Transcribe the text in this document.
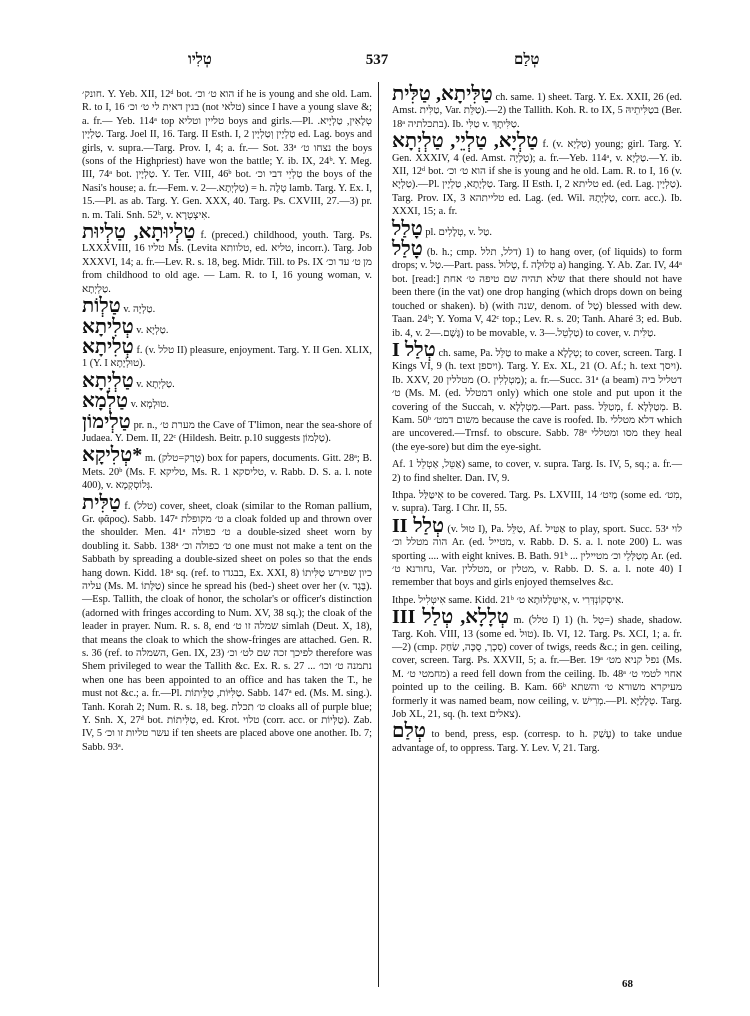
טְלִיו	537	טְלַם

חונק׳. Y. Yeb. XII, 12ᵈ bot. הוא ט׳ וכ׳ if he is young and she old. Lam. R. to I, 16 בגין דאית לי ט׳ וכ׳ (not טלאי) since I have a young slave &; a. fr.— Yeb. 114ᵃ top טליין וטליא boys and girls.—Pl. טְלָאִין, טַלְיָיא. טַלְיָין. Targ. Joel II, 16. Targ. II Esth. I, 2 טַלְיָין וְטַלְיָין ed. Lag. boys and girls, v. supra.—Targ. Prov. I, 4; a. fr.— Sot. 33ᵃ נצחו ט׳ the boys (sons of the Highpriest) have won the battle; Y. ib. IX, 24ᵇ. Y. Meg. III, 74ᵃ bot. טַלְיָין. Y. Ter. VIII, 46ᵇ bot. טַלְיֵי דבי וכ׳ the boys of the Nasi's house; a. fr.—Fem. v. טַלְיְתָא.—2) = h. טָלֶה lamb. Targ. Y. Ex. I, 15.—Pl. as ab. Targ. Y. Gen. XXX, 40. Targ. Ps. CXVIII, 27.—3) pr. n. m. Tali. Snh. 52ᵇ, v. אִיצְטְרָא.

טַלְיוּתָא, טַלְיוּת f. (preced.) childhood, youth. Targ. Ps. LXXXVIII, 16 טליו Ms. (Levita טלוותא, ed. טליא, incorr.). Targ. Job XXXVI, 14; a. fr.—Lev. R. s. 18, beg. Midr. Till. to Ps. IX מן ט׳ עד וכ׳ from childhood to old age. — Lam. R. to I, 16 young woman, v. טַלְיְתָא.

טַלְוֹת v. טַלְיָה.

טְלִיתָא v. טַלְיָא.

טְלִיתָא f. (v. טלל II) pleasure, enjoyment. Targ. Y. II Gen. XLIX, 1 (Y. I טוּלְיָתָא).

טַלְיְתָא v. טַלְיְתָא.

טַלְמָא v. טוּלְמָא.

טַלְימוֹן pr. n., מערת ט׳ the Cave of T'limon, near the sea-shore of Judaea. Y. Dem. II, 22ᶜ (Hildesh. Beitr. p.10 suggests טַלְמוֹן).

*טְלִיקָא m. (טְרַק=טלק) box for papers, documents. Gitt. 28ᵃ; B. Mets. 20ᵇ (Ms. F. טליקא, Ms. R. 1 טליסקא, v. Rabb. D. S. a. l. note 400), v. גְּלוֹסְקְמָא.

טַלִּית f. (טלל) cover, sheet, cloak (similar to the Roman pallium, Gr. φᾶρος). Sabb. 147ᵃ ט׳ מקופלת a cloak folded up and thrown over the shoulder. Men. 41ᵃ ט׳ כפולה a double-sized sheet worn by doubling it. Sabb. 138ᵃ ט׳ כפולה וכ׳ one must not make a tent on the Sabbath by spreading a double-sized sheet on poles so that the ends hang down. Kidd. 18ᵃ sq. (ref. to בבגדו, Ex. XXI, 8) כיון שפירש טַלִּיתוֹ עליה (Ms. M. טַלְּתוֹ) since he spread his (bed-) sheet over her (v. בֶּגֶד).—Esp. Tallith, the cloak of honor, the scholar's or officer's distinction (adorned with fringes according to Num. XV, 38 sq.); the cloak of the leader in prayer. Num. R. s. 8, end שמלה זו ט׳ simlah (Deut. X, 18), that means the cloak to which the show-fringes are attached. Gen. R. s. 36 (ref. to השמלה, Gen. IX, 23) לפיכך זכה שם לט׳ וכ׳ therefore was Shem privileged to wear the Tallith &c. Ex. R. s. 27 ... נתמנה ט׳ וכו׳ when one has been appointed to an office and has taken the T., he must not &c.; a. fr.—Pl. טַלִּיּוֹת, טַלֵּיתוֹת. Sabb. 147ᵃ ed. (Ms. M. sing.). Tanh. Korah 2; Num. R. s. 18, beg. ט׳ תכלת cloaks all of purple blue; Y. Snh. X, 27ᵈ bot. טַלִּיתוֹת, ed. Krot. טלוי (corr. acc. or טַלְּיוֹת). Zab. IV, 5 עשר טליות זו וכ׳ if ten sheets are placed above one another. Ib. 7; Sabb. 93ᵃ.

טַלִּיתָא, טַלִּית ch. same. 1) sheet. Targ. Y. Ex. XXII, 26 (ed. Amst. טַלִּית, Var. טַלֵּת).—2) the Tallith. Koh. R. to IX, 5 בטַלִּיתֵיהּ (Ber. 18ᵃ בתכלתיה). Ib. טַלִּי v. טַלִּיתָךְ.

טַלְיָא, טַלְיֵי, טַלְיְתָא f. (v. טַלְיָא) young; girl. Targ. Y. Gen. XXXIV, 4 (ed. Amst. טַלְיָה); a. fr.—Yeb. 114ᵃ, v. טַלְיָא.—Y. ib. XII, 12ᵈ bot. הוא ט׳ וכ׳ if she is young and he old. Lam. R. to I, 16 (v. טַלְיָא).—Pl. טַלְיָתָא, טַלְיָין. Targ. II Esth. I, 2 טליתא ed. (ed. Lag. טַלְיָין). Targ. Prov. IX, 3 טלייתהא ed. Lag. (ed. Wil. טַלְיָתָהּ, corr. acc.). Ib. XXXI, 15; a. fr.

טָלַל pl. טְלָלִים, v. טַל.

טָלַל (b. h.; cmp. דלל, תלל) 1) to hang over, (of liquids) to form drops; v. טַל.—Part. pass. טָלוּל, f. טְלוּלָה a) hanging. Y. Ab. Zar. IV, 44ᵃ bot. [read:] שלא תהיה שם טיפה ט׳ אחת that there should not have been there (in the vat) one drop hanging (which drops down on being touched or shaken). b) (with שנה, denom. of טַל) blessed with dew. Taan. 24ᵇ; Y. Yoma V, 42ᶜ top.; Lev. R. s. 20; Tanh. Aharé 3; ed. Bub. ib. 4, v. גֶּשֶׁם.—2) to be movable, v. טַלְטֵל.—3) to cover, v. טַלִּית.

טְלַל I ch. same, Pa. טַלֵּל to make a טְלָלָא; to cover, screen. Targ. I Kings VI, 9 (h. text ויספן). Targ. Y. Ex. XL, 21 (O. Af.; h. text ויסך). Ib. XXV, 20 מטללין (O. מַטְלְלִין); a. fr.—Succ. 31ᵃ (a beam) דטליל ביה ט׳ (Ms. M. (ed. דמטלל only) which one stole and put upon it the covering of the Succah, v. מַטְלְלָא.—Part. pass. מְטַלַּל, f. מְטַלְּלָא. B. Kam. 50ᵇ משום דמט׳ because the cave is roofed. Ib. דלא מטללי which are uncovered.—Trnsf. to obscure. Sabb. 78ᵃ מסו ומטללי they heal (the eye-sore) but dim the eye-sight.

Af. אַטֵּל, אַטְלֵל 1) same, to cover, v. supra. Targ. Is. IV, 5, sq.; a. fr.—2) to find shelter. Dan. IV, 9.

Ithpa. אִיטַּלַּל to be covered. Targ. Ps. LXVIII, 14 מַיִט׳ (some ed. מִט׳, v. supra). Targ. I Chr. II, 55.

טְלַל II (v. טוּל I), Pa. טַלֵּל, Af. אַטִּיל to play, sport. Succ. 53ᵃ לוי הוה מטלל וכ׳ Ar. (ed. מטייל, v. Rabb. D. S. a. l. note 200) L. was sporting .... with eight knives. B. Bath. 91ᵇ ... מְטַלְּלֵי וכ׳ מטיילין Ar. (ed. נחורנא ט׳, Var. מטללין, or מטלין, v. Rabb. D. S. a. l. note 40) I remember that boys and girls enjoyed themselves &c.

Ithpe. אִיטְּלִיל same. Kidd. 21ᵇ אִיטַּלְלוּתָא ט׳, v. אִיסְקוֹנְדְּרִי.

טְלָלָא, טְלַל III m. (טלל I) 1) (h. טֵל=) shade, shadow. Targ. Koh. VIII, 13 (some ed. טוּל). Ib. VI, 12. Targ. Ps. XCI, 1; a. fr.—2) (cmp. סְכָך, סֻכָּה, שַׂחַק) cover of twigs, reeds &c.; in gen. ceiling, cover, screen. Targ. Ps. XXVII, 5; a. fr.—Ber. 19ᵃ נפל קניא מט׳ (Ms. M. מחמטי ט׳) a reed fell down from the ceiling. Ib. 48ᵃ אחוי לטמי ט׳ pointed up to the ceiling. B. Kam. 66ᵇ מעיקרא משורא ט׳ והשתא formerly it was named beam, now ceiling, v. מְרִישׁ.—Pl. טְלָלַיָּא. Targ. Job XL, 21, sq. (h. text צאלים).

טְלַם to bend, press, esp. (corresp. to h. עָשַׁק) to take undue advantage of, to oppress. Targ. Y. Lev. V, 21. Targ.

68
